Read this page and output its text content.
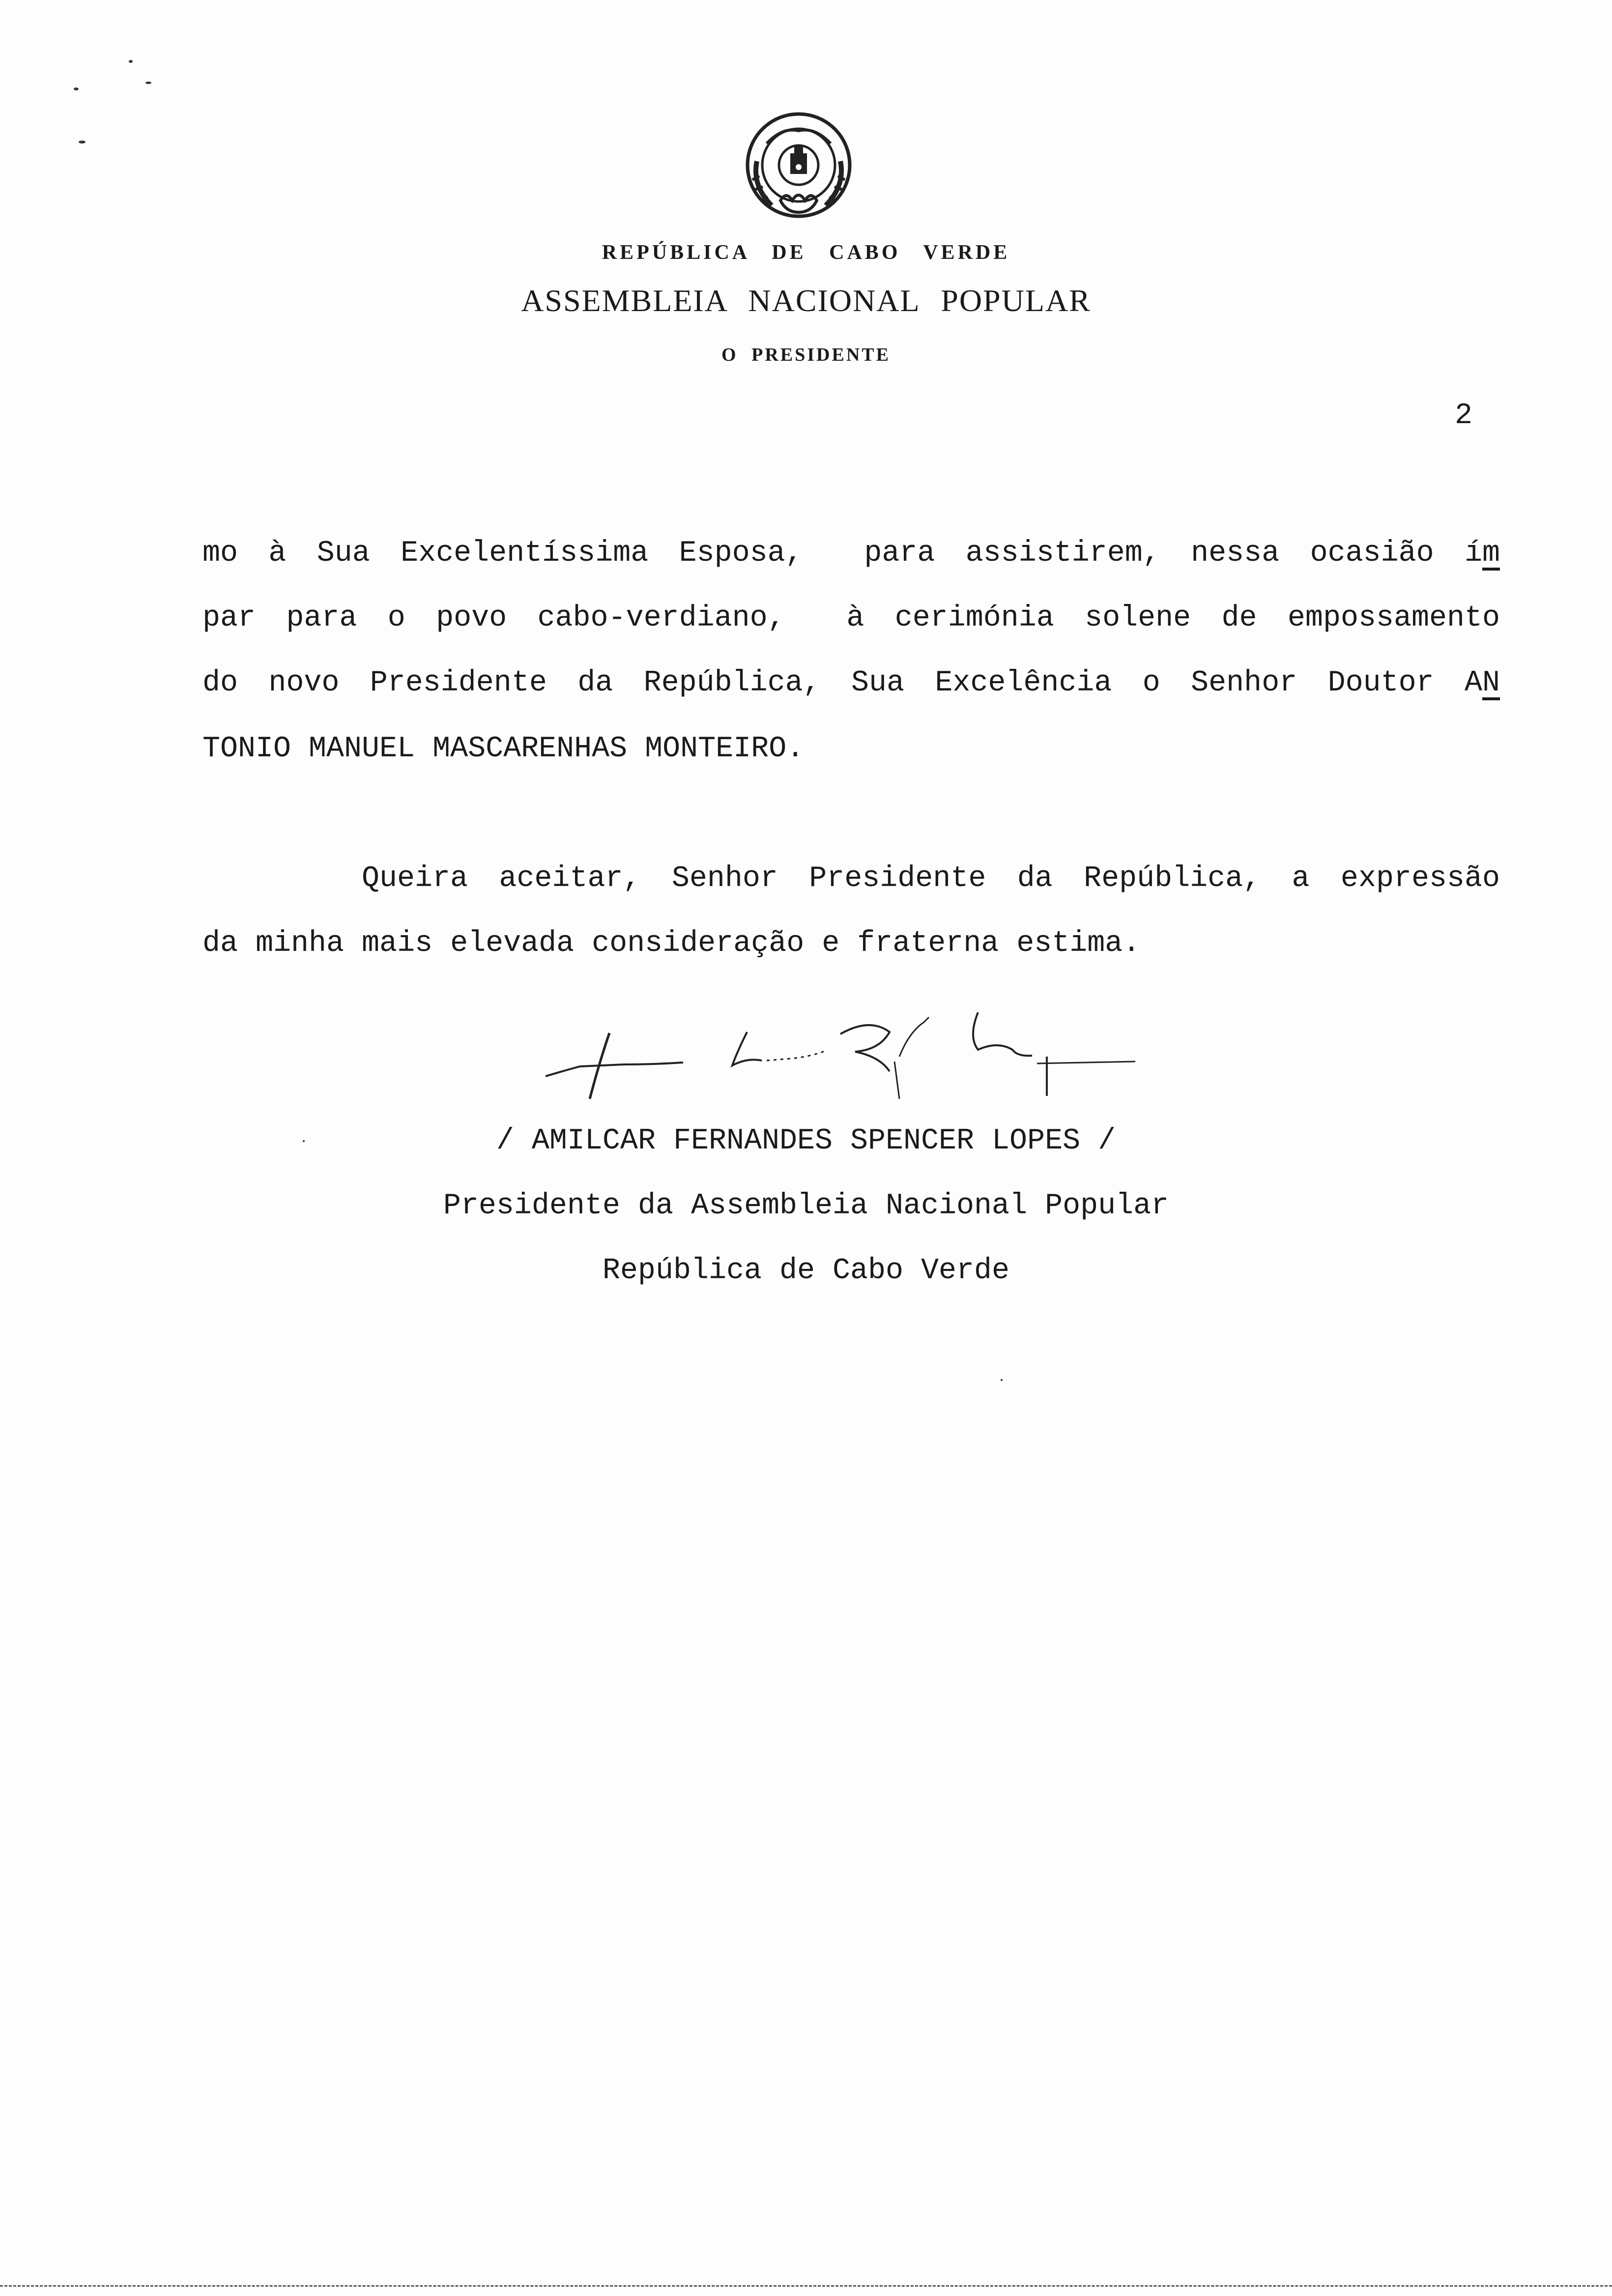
REPÚBLICA DE CABO VERDE
ASSEMBLEIA NACIONAL POPULAR
O PRESIDENTE
2
mo à Sua Excelentíssima Esposa,  para assistirem, nessa ocasião ím
par para o povo cabo-verdiano,  à cerimónia solene de empossamento
do novo Presidente da República, Sua Excelência o Senhor Doutor AN
TONIO MANUEL MASCARENHAS MONTEIRO.
Queira aceitar, Senhor Presidente da República, a expressão
da minha mais elevada consideração e fraterna estima.
/ AMILCAR FERNANDES SPENCER LOPES /
Presidente da Assembleia Nacional Popular
República de Cabo Verde
